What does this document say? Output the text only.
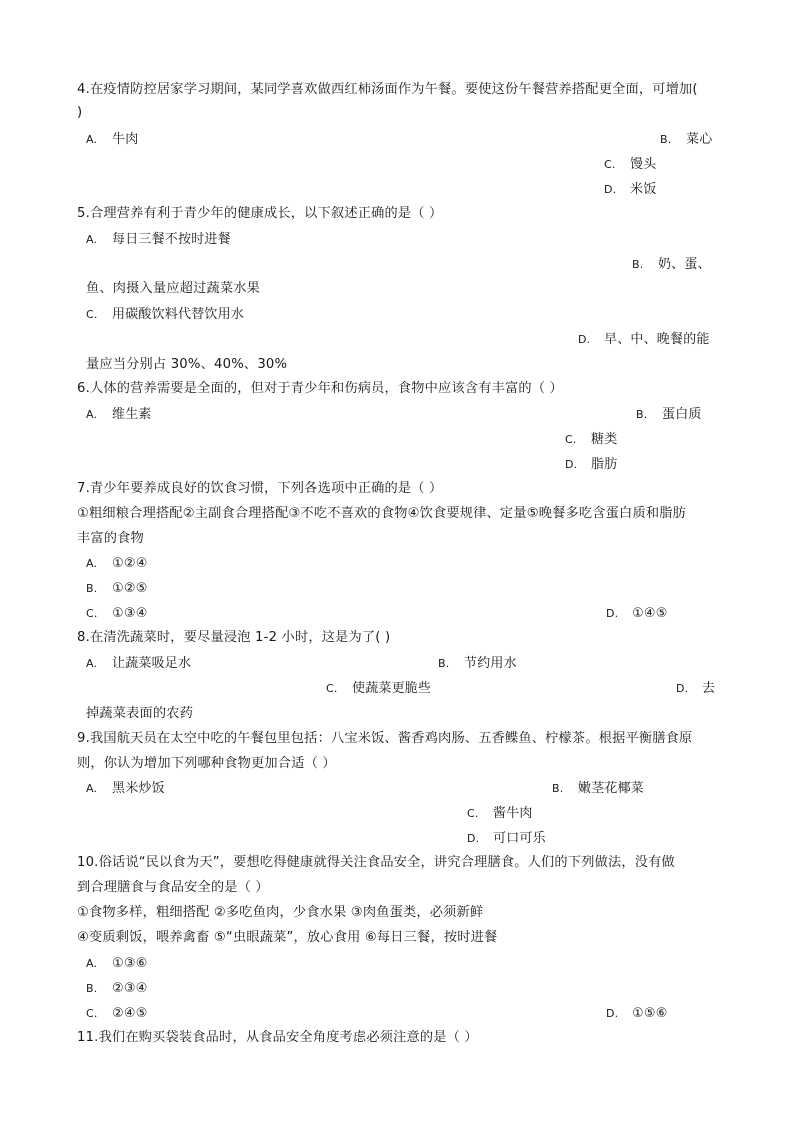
4.在疫情防控居家学习期间，某同学喜欢做西红柿汤面作为午餐。要使这份午餐营养搭配更全面，可增加(
)
A. 牛肉	B. 菜心
C. 馒头
D. 米饭
5.合理营养有利于青少年的健康成长，以下叙述正确的是（ ）
A. 每日三餐不按时进餐
B. 奶、蛋、
鱼、肉摄入量应超过蔬菜水果
C. 用碳酸饮料代替饮用水
D. 早、中、晚餐的能
量应当分别占 30%、40%、30%
6.人体的营养需要是全面的，但对于青少年和伤病员，食物中应该含有丰富的（ ）
A. 维生素	B. 蛋白质
C. 糖类
D. 脂肪
7.青少年要养成良好的饮食习惯，下列各选项中正确的是（ ）
①粗细粮合理搭配②主副食合理搭配③不吃不喜欢的食物④饮食要规律、定量⑤晚餐多吃含蛋白质和脂肪
丰富的食物
A. ①②④
B. ①②⑤
C. ①③④	D. ①④⑤
8.在清洗蔬菜时，要尽量浸泡 1-2 小时，这是为了( )
A. 让蔬菜吸足水	B. 节约用水
C. 使蔬菜更脆些	D. 去
掉蔬菜表面的农药
9.我国航天员在太空中吃的午餐包里包括：八宝米饭、酱香鸡肉肠、五香鲽鱼、柠檬茶。根据平衡膳食原
则，你认为增加下列哪种食物更加合适（ ）
A. 黑米炒饭	B. 嫩茎花椰菜
C. 酱牛肉
D. 可口可乐
10.俗话说“民以食为天”，要想吃得健康就得关注食品安全，讲究合理膳食。人们的下列做法，没有做
到合理膳食与食品安全的是（ ）
①食物多样，粗细搭配 ②多吃鱼肉，少食水果 ③肉鱼蛋类，必须新鲜
④变质剩饭，喂养禽畜 ⑤“虫眼蔬菜”，放心食用 ⑥每日三餐，按时进餐
A. ①③⑥
B. ②③④
C. ②④⑤	D. ①⑤⑥
11.我们在购买袋装食品时，从食品安全角度考虑必须注意的是（ ）
